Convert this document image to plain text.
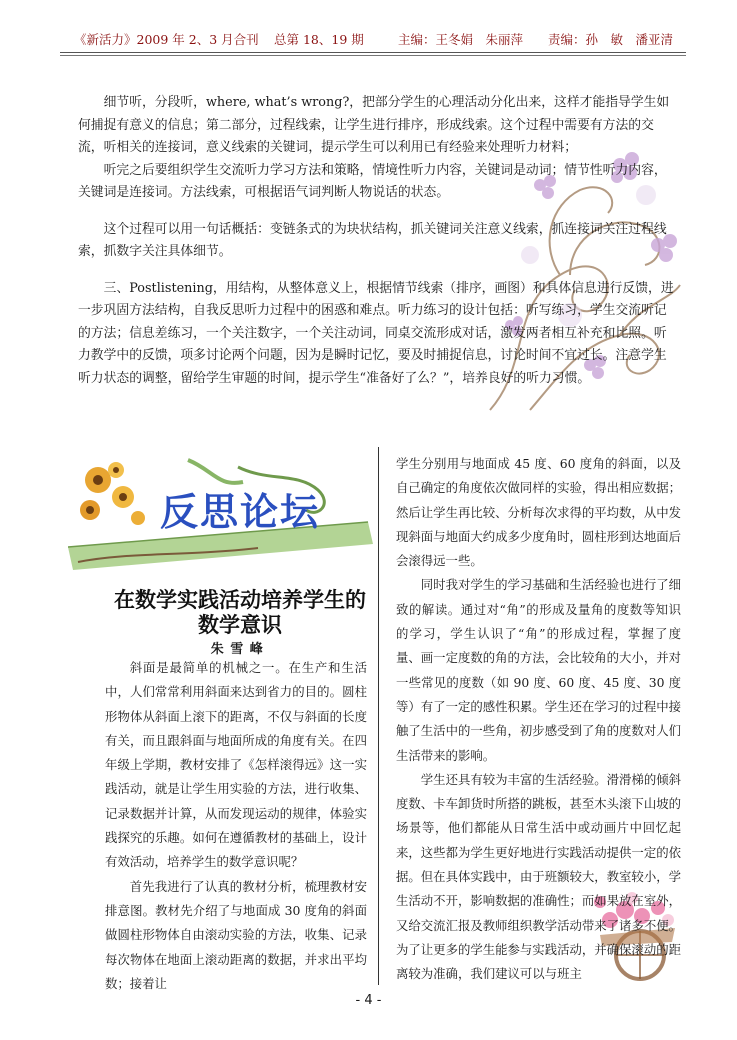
《新活力》2009 年 2、3 月合刊 总第 18、19 期	主编：王冬娟　朱丽萍 责编：孙　敏　潘亚清
反思论坛

细节听，分段听，where, what’s wrong?，把部分学生的心理活动分化出来，这样才能指导学生如何捕捉有意义的信息；第二部分，过程线索，让学生进行排序，形成线索。这个过程中需要有方法的交流，听相关的连接词，意义线索的关键词，提示学生可以利用已有经验来处理听力材料；

听完之后要组织学生交流听力学习方法和策略，情境性听力内容，关键词是动词；情节性听力内容，关键词是连接词。方法线索，可根据语气词判断人物说话的状态。

这个过程可以用一句话概括：变链条式的为块状结构，抓关键词关注意义线索，抓连接词关注过程线索，抓数字关注具体细节。

三、Postlistening，用结构，从整体意义上，根据情节线索（排序，画图）和具体信息进行反馈，进一步巩固方法结构，自我反思听力过程中的困惑和难点。听力练习的设计包括：听写练习，学生交流听记的方法；信息差练习，一个关注数字，一个关注动词，同桌交流形成对话，激发两者相互补充和比照。听力教学中的反馈，项多讨论两个问题，因为是瞬时记忆，要及时捕捉信息，讨论时间不宜过长。注意学生听力状态的调整，留给学生审题的时间，提示学生“准备好了么？”，培养良好的听力习惯。

在数学实践活动培养学生的
数学意识
朱雪峰

斜面是最简单的机械之一。在生产和生活中，人们常常利用斜面来达到省力的目的。圆柱形物体从斜面上滚下的距离，不仅与斜面的长度有关，而且跟斜面与地面所成的角度有关。在四年级上学期，教材安排了《怎样滚得远》这一实践活动，就是让学生用实验的方法，进行收集、记录数据并计算，从而发现运动的规律，体验实践探究的乐趣。如何在遵循教材的基础上，设计有效活动，培养学生的数学意识呢？

首先我进行了认真的教材分析，梳理教材安排意图。教材先介绍了与地面成 30 度角的斜面做圆柱形物体自由滚动实验的方法，收集、记录每次物体在地面上滚动距离的数据，并求出平均数；接着让

学生分别用与地面成 45 度、60 度角的斜面，以及自己确定的角度依次做同样的实验，得出相应数据；然后让学生再比较、分析每次求得的平均数，从中发现斜面与地面大约成多少度角时，圆柱形到达地面后会滚得远一些。

同时我对学生的学习基础和生活经验也进行了细致的解读。通过对“角”的形成及量角的度数等知识的学习，学生认识了“角”的形成过程，掌握了度量、画一定度数的角的方法，会比较角的大小，并对一些常见的度数（如 90 度、60 度、45 度、30 度等）有了一定的感性积累。学生还在学习的过程中接触了生活中的一些角，初步感受到了角的度数对人们生活带来的影响。

学生还具有较为丰富的生活经验。滑滑梯的倾斜度数、卡车卸货时所搭的跳板，甚至木头滚下山坡的场景等，他们都能从日常生活中或动画片中回忆起来，这些都为学生更好地进行实践活动提供一定的依据。但在具体实践中，由于班额较大，教室较小，学生活动不开，影响数据的准确性；而如果放在室外，又给交流汇报及教师组织教学活动带来了诸多不便。为了让更多的学生能参与实践活动，并确保滚动的距离较为准确，我们建议可以与班主

- 4 -
